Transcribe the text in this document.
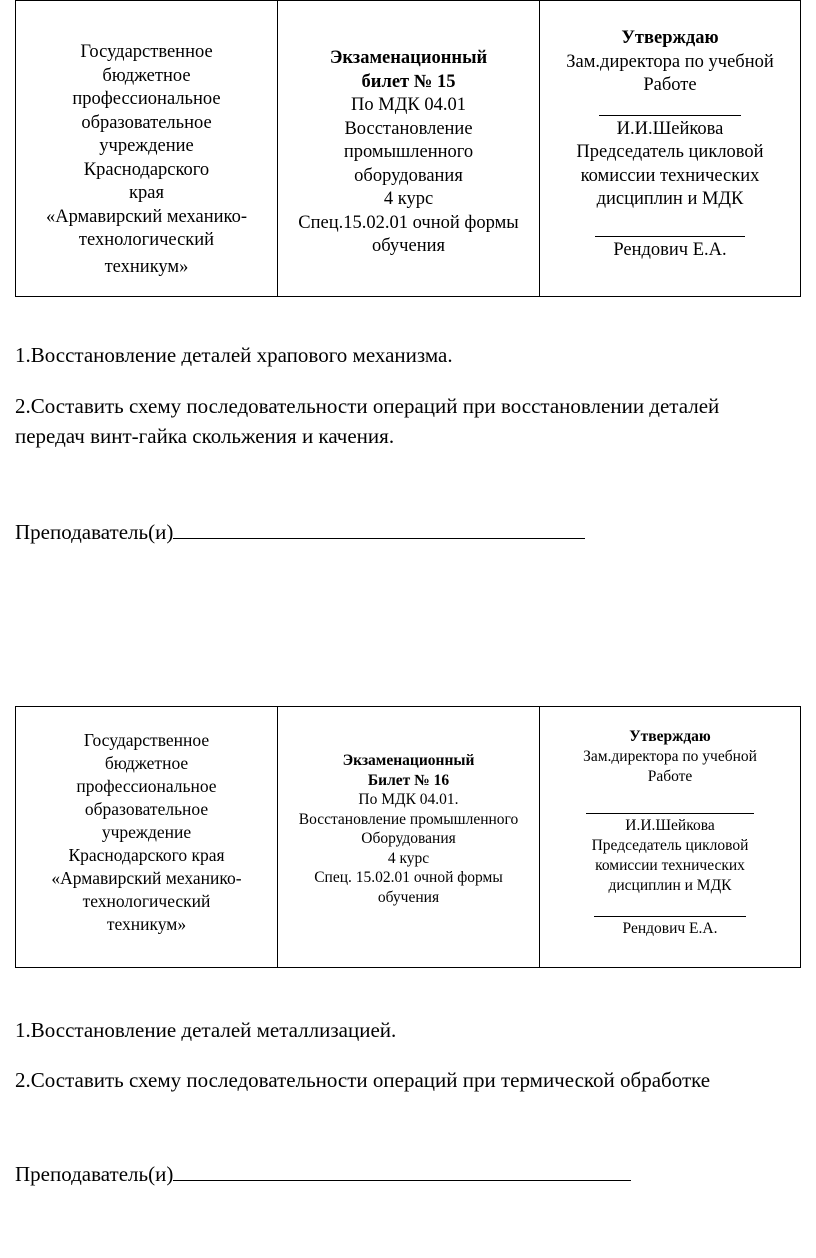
Государственное
бюджетное
профессиональное
образовательное
учреждение
Краснодарского
края
«Армавирский механико-
технологический
техникум»
Экзаменационный
билет № 15
По МДК 04.01
Восстановление
промышленного
оборудования
4 курс
Спец.15.02.01 очной формы
обучения
Утверждаю
Зам.директора по учебной
Работе
И.И.Шейкова
Председатель цикловой
комиссии технических
дисциплин и МДК
Рендович Е.А.
1.Восстановление деталей храпового механизма.
2.Составить схему последовательности операций при восстановлении деталей передач винт-гайка скольжения и качения.
Преподаватель(и)
Государственное
бюджетное
профессиональное
образовательное
учреждение
Краснодарского края
«Армавирский механико-
технологический
техникум»
Экзаменационный
Билет № 16
По МДК 04.01.
Восстановление промышленного
Оборудования
4 курс
Спец. 15.02.01 очной формы
обучения
Утверждаю
Зам.директора по учебной
Работе
И.И.Шейкова
Председатель цикловой
комиссии технических
дисциплин и МДК
Рендович Е.А.
1.Восстановление деталей металлизацией.
2.Составить схему последовательности операций при термической обработке
Преподаватель(и)
